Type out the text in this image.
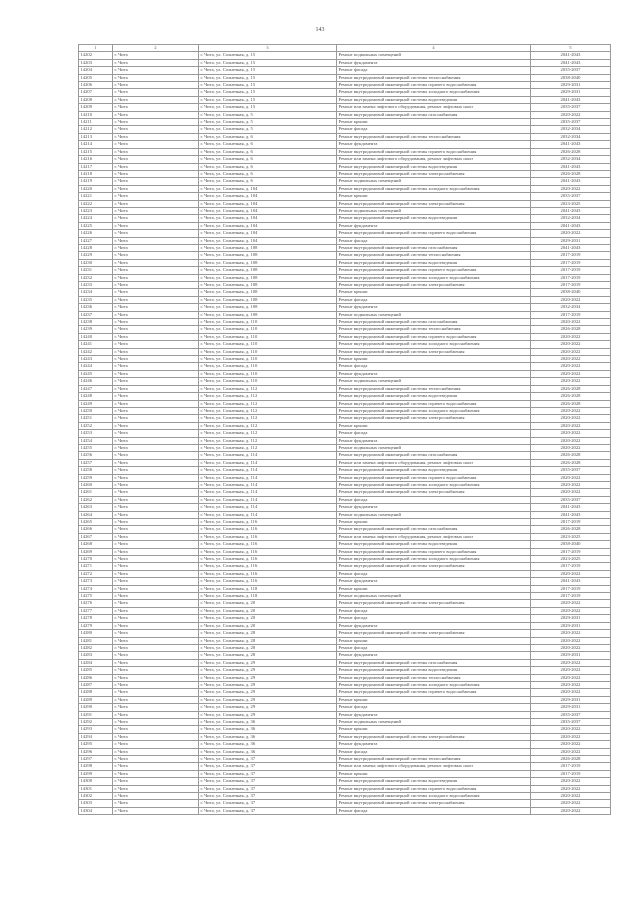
143
1	2	3	4	5
14202	г. Чита	г. Чита, ул. Солнечная, д. 15	Ремонт подвальных помещений	2041-2043
14203	г. Чита	г. Чита, ул. Солнечная, д. 15	Ремонт фундамента	2041-2043
14204	г. Чита	г. Чита, ул. Солнечная, д. 15	Ремонт фасада	2035-2037
14205	г. Чита	г. Чита, ул. Солнечная, д. 15	Ремонт внутридомовой инженерной системы теплоснабжения	2038-2040
14206	г. Чита	г. Чита, ул. Солнечная, д. 15	Ремонт внутридомовой инженерной системы горячего водоснабжения	2029-2031
14207	г. Чита	г. Чита, ул. Солнечная, д. 15	Ремонт внутридомовой инженерной системы холодного водоснабжения	2029-2031
14208	г. Чита	г. Чита, ул. Солнечная, д. 15	Ремонт внутридомовой инженерной системы водоотведения	2041-2043
14209	г. Чита	г. Чита, ул. Солнечная, д. 15	Ремонт или замена лифтового оборудования, ремонт лифтовых шахт	2035-2037
14210	г. Чита	г. Чита, ул. Солнечная, д. 5	Ремонт внутридомовой инженерной системы газоснабжения	2020-2022
14211	г. Чита	г. Чита, ул. Солнечная, д. 5	Ремонт крыши	2035-2037
14212	г. Чита	г. Чита, ул. Солнечная, д. 5	Ремонт фасада	2032-2034
14213	г. Чита	г. Чита, ул. Солнечная, д. 6	Ремонт внутридомовой инженерной системы теплоснабжения	2032-2034
14214	г. Чита	г. Чита, ул. Солнечная, д. 6	Ремонт фундамента	2041-2043
14215	г. Чита	г. Чита, ул. Солнечная, д. 6	Ремонт внутридомовой инженерной системы горячего водоснабжения	2026-2028
14216	г. Чита	г. Чита, ул. Солнечная, д. 6	Ремонт или замена лифтового оборудования, ремонт лифтовых шахт	2032-2034
14217	г. Чита	г. Чита, ул. Солнечная, д. 6	Ремонт внутридомовой инженерной системы водоотведения	2041-2043
14218	г. Чита	г. Чита, ул. Солнечная, д. 6	Ремонт внутридомовой инженерной системы электроснабжения	2026-2028
14219	г. Чита	г. Чита, ул. Солнечная, д. 6	Ремонт подвальных помещений	2041-2043
14220	г. Чита	г. Чита, ул. Солнечная, д. 104	Ремонт внутридомовой инженерной системы холодного водоснабжения	2020-2022
14221	г. Чита	г. Чита, ул. Солнечная, д. 104	Ремонт крыши	2035-2037
14222	г. Чита	г. Чита, ул. Солнечная, д. 104	Ремонт внутридомовой инженерной системы электроснабжения	2023-2025
14223	г. Чита	г. Чита, ул. Солнечная, д. 104	Ремонт подвальных помещений	2041-2043
14224	г. Чита	г. Чита, ул. Солнечная, д. 104	Ремонт внутридомовой инженерной системы водоотведения	2032-2034
14225	г. Чита	г. Чита, ул. Солнечная, д. 104	Ремонт фундамента	2041-2043
14226	г. Чита	г. Чита, ул. Солнечная, д. 104	Ремонт внутридомовой инженерной системы горячего водоснабжения	2020-2022
14227	г. Чита	г. Чита, ул. Солнечная, д. 104	Ремонт фасада	2029-2031
14228	г. Чита	г. Чита, ул. Солнечная, д. 108	Ремонт внутридомовой инженерной системы газоснабжения	2041-2043
14229	г. Чита	г. Чита, ул. Солнечная, д. 108	Ремонт внутридомовой инженерной системы теплоснабжения	2017-2019
14230	г. Чита	г. Чита, ул. Солнечная, д. 108	Ремонт внутридомовой инженерной системы водоотведения	2017-2019
14231	г. Чита	г. Чита, ул. Солнечная, д. 108	Ремонт внутридомовой инженерной системы горячего водоснабжения	2017-2019
14232	г. Чита	г. Чита, ул. Солнечная, д. 108	Ремонт внутридомовой инженерной системы холодного водоснабжения	2017-2019
14233	г. Чита	г. Чита, ул. Солнечная, д. 108	Ремонт внутридомовой инженерной системы электроснабжения	2017-2019
14234	г. Чита	г. Чита, ул. Солнечная, д. 108	Ремонт крыши	2038-2040
14235	г. Чита	г. Чита, ул. Солнечная, д. 108	Ремонт фасада	2020-2022
14236	г. Чита	г. Чита, ул. Солнечная, д. 108	Ремонт фундамента	2032-2034
14237	г. Чита	г. Чита, ул. Солнечная, д. 108	Ремонт подвальных помещений	2017-2019
14238	г. Чита	г. Чита, ул. Солнечная, д. 110	Ремонт внутридомовой инженерной системы газоснабжения	2020-2022
14239	г. Чита	г. Чита, ул. Солнечная, д. 110	Ремонт внутридомовой инженерной системы теплоснабжения	2026-2028
14240	г. Чита	г. Чита, ул. Солнечная, д. 110	Ремонт внутридомовой инженерной системы горячего водоснабжения	2020-2022
14241	г. Чита	г. Чита, ул. Солнечная, д. 110	Ремонт внутридомовой инженерной системы холодного водоснабжения	2020-2022
14242	г. Чита	г. Чита, ул. Солнечная, д. 110	Ремонт внутридомовой инженерной системы электроснабжения	2020-2022
14243	г. Чита	г. Чита, ул. Солнечная, д. 110	Ремонт крыши	2020-2022
14244	г. Чита	г. Чита, ул. Солнечная, д. 110	Ремонт фасада	2020-2022
14245	г. Чита	г. Чита, ул. Солнечная, д. 110	Ремонт фундамента	2020-2022
14246	г. Чита	г. Чита, ул. Солнечная, д. 110	Ремонт подвальных помещений	2020-2022
14247	г. Чита	г. Чита, ул. Солнечная, д. 112	Ремонт внутридомовой инженерной системы теплоснабжения	2026-2028
14248	г. Чита	г. Чита, ул. Солнечная, д. 112	Ремонт внутридомовой инженерной системы водоотведения	2026-2028
14249	г. Чита	г. Чита, ул. Солнечная, д. 112	Ремонт внутридомовой инженерной системы горячего водоснабжения	2026-2028
14250	г. Чита	г. Чита, ул. Солнечная, д. 112	Ремонт внутридомовой инженерной системы холодного водоснабжения	2020-2022
14251	г. Чита	г. Чита, ул. Солнечная, д. 112	Ремонт внутридомовой инженерной системы электроснабжения	2020-2022
14252	г. Чита	г. Чита, ул. Солнечная, д. 112	Ремонт крыши	2020-2022
14253	г. Чита	г. Чита, ул. Солнечная, д. 112	Ремонт фасада	2020-2022
14254	г. Чита	г. Чита, ул. Солнечная, д. 112	Ремонт фундамента	2020-2022
14255	г. Чита	г. Чита, ул. Солнечная, д. 112	Ремонт подвальных помещений	2020-2022
14256	г. Чита	г. Чита, ул. Солнечная, д. 114	Ремонт внутридомовой инженерной системы газоснабжения	2026-2028
14257	г. Чита	г. Чита, ул. Солнечная, д. 114	Ремонт или замена лифтового оборудования, ремонт лифтовых шахт	2026-2028
14258	г. Чита	г. Чита, ул. Солнечная, д. 114	Ремонт внутридомовой инженерной системы водоотведения	2035-2037
14259	г. Чита	г. Чита, ул. Солнечная, д. 114	Ремонт внутридомовой инженерной системы горячего водоснабжения	2020-2022
14260	г. Чита	г. Чита, ул. Солнечная, д. 114	Ремонт внутридомовой инженерной системы холодного водоснабжения	2020-2022
14261	г. Чита	г. Чита, ул. Солнечная, д. 114	Ремонт внутридомовой инженерной системы электроснабжения	2020-2022
14262	г. Чита	г. Чита, ул. Солнечная, д. 114	Ремонт фасада	2035-2037
14263	г. Чита	г. Чита, ул. Солнечная, д. 114	Ремонт фундамента	2041-2043
14264	г. Чита	г. Чита, ул. Солнечная, д. 114	Ремонт подвальных помещений	2041-2043
14265	г. Чита	г. Чита, ул. Солнечная, д. 116	Ремонт крыши	2017-2019
14266	г. Чита	г. Чита, ул. Солнечная, д. 116	Ремонт внутридомовой инженерной системы газоснабжения	2026-2028
14267	г. Чита	г. Чита, ул. Солнечная, д. 116	Ремонт или замена лифтового оборудования, ремонт лифтовых шахт	2023-2025
14268	г. Чита	г. Чита, ул. Солнечная, д. 116	Ремонт внутридомовой инженерной системы водоотведения	2038-2040
14269	г. Чита	г. Чита, ул. Солнечная, д. 116	Ремонт внутридомовой инженерной системы горячего водоснабжения	2017-2019
14270	г. Чита	г. Чита, ул. Солнечная, д. 116	Ремонт внутридомовой инженерной системы холодного водоснабжения	2023-2025
14271	г. Чита	г. Чита, ул. Солнечная, д. 116	Ремонт внутридомовой инженерной системы электроснабжения	2017-2019
14272	г. Чита	г. Чита, ул. Солнечная, д. 116	Ремонт фасада	2020-2022
14273	г. Чита	г. Чита, ул. Солнечная, д. 116	Ремонт фундамента	2041-2043
14274	г. Чита	г. Чита, ул. Солнечная, д. 118	Ремонт крыши	2017-2019
14275	г. Чита	г. Чита, ул. Солнечная, д. 118	Ремонт подвальных помещений	2017-2019
14276	г. Чита	г. Чита, ул. Солнечная, д. 20	Ремонт внутридомовой инженерной системы электроснабжения	2020-2022
14277	г. Чита	г. Чита, ул. Солнечная, д. 20	Ремонт фасада	2020-2022
14278	г. Чита	г. Чита, ул. Солнечная, д. 20	Ремонт фасада	2029-2031
14279	г. Чита	г. Чита, ул. Солнечная, д. 20	Ремонт фундамента	2029-2031
14280	г. Чита	г. Чита, ул. Солнечная, д. 28	Ремонт внутридомовой инженерной системы электроснабжения	2020-2022
14281	г. Чита	г. Чита, ул. Солнечная, д. 28	Ремонт крыши	2020-2022
14282	г. Чита	г. Чита, ул. Солнечная, д. 28	Ремонт фасада	2020-2022
14283	г. Чита	г. Чита, ул. Солнечная, д. 28	Ремонт фундамента	2029-2031
14284	г. Чита	г. Чита, ул. Солнечная, д. 29	Ремонт внутридомовой инженерной системы газоснабжения	2020-2022
14285	г. Чита	г. Чита, ул. Солнечная, д. 29	Ремонт внутридомовой инженерной системы водоотведения	2020-2022
14286	г. Чита	г. Чита, ул. Солнечная, д. 29	Ремонт внутридомовой инженерной системы теплоснабжения	2020-2022
14287	г. Чита	г. Чита, ул. Солнечная, д. 29	Ремонт внутридомовой инженерной системы холодного водоснабжения	2020-2022
14288	г. Чита	г. Чита, ул. Солнечная, д. 29	Ремонт внутридомовой инженерной системы горячего водоснабжения	2020-2022
14289	г. Чита	г. Чита, ул. Солнечная, д. 29	Ремонт крыши	2029-2031
14290	г. Чита	г. Чита, ул. Солнечная, д. 29	Ремонт фасада	2029-2031
14291	г. Чита	г. Чита, ул. Солнечная, д. 29	Ремонт фундамента	2035-2037
14292	г. Чита	г. Чита, ул. Солнечная, д. 36	Ремонт подвальных помещений	2035-2037
14293	г. Чита	г. Чита, ул. Солнечная, д. 36	Ремонт крыши	2020-2022
14294	г. Чита	г. Чита, ул. Солнечная, д. 36	Ремонт внутридомовой инженерной системы электроснабжения	2020-2022
14295	г. Чита	г. Чита, ул. Солнечная, д. 36	Ремонт фундамента	2020-2022
14296	г. Чита	г. Чита, ул. Солнечная, д. 36	Ремонт фасада	2020-2022
14297	г. Чита	г. Чита, ул. Солнечная, д. 37	Ремонт внутридомовой инженерной системы теплоснабжения	2026-2028
14298	г. Чита	г. Чита, ул. Солнечная, д. 37	Ремонт или замена лифтового оборудования, ремонт лифтовых шахт	2017-2019
14299	г. Чита	г. Чита, ул. Солнечная, д. 37	Ремонт крыши	2017-2019
14300	г. Чита	г. Чита, ул. Солнечная, д. 37	Ремонт внутридомовой инженерной системы водоотведения	2020-2022
14301	г. Чита	г. Чита, ул. Солнечная, д. 37	Ремонт внутридомовой инженерной системы горячего водоснабжения	2020-2022
14302	г. Чита	г. Чита, ул. Солнечная, д. 37	Ремонт внутридомовой инженерной системы холодного водоснабжения	2020-2022
14303	г. Чита	г. Чита, ул. Солнечная, д. 37	Ремонт внутридомовой инженерной системы электроснабжения	2020-2022
14304	г. Чита	г. Чита, ул. Солнечная, д. 37	Ремонт фасада	2020-2022
